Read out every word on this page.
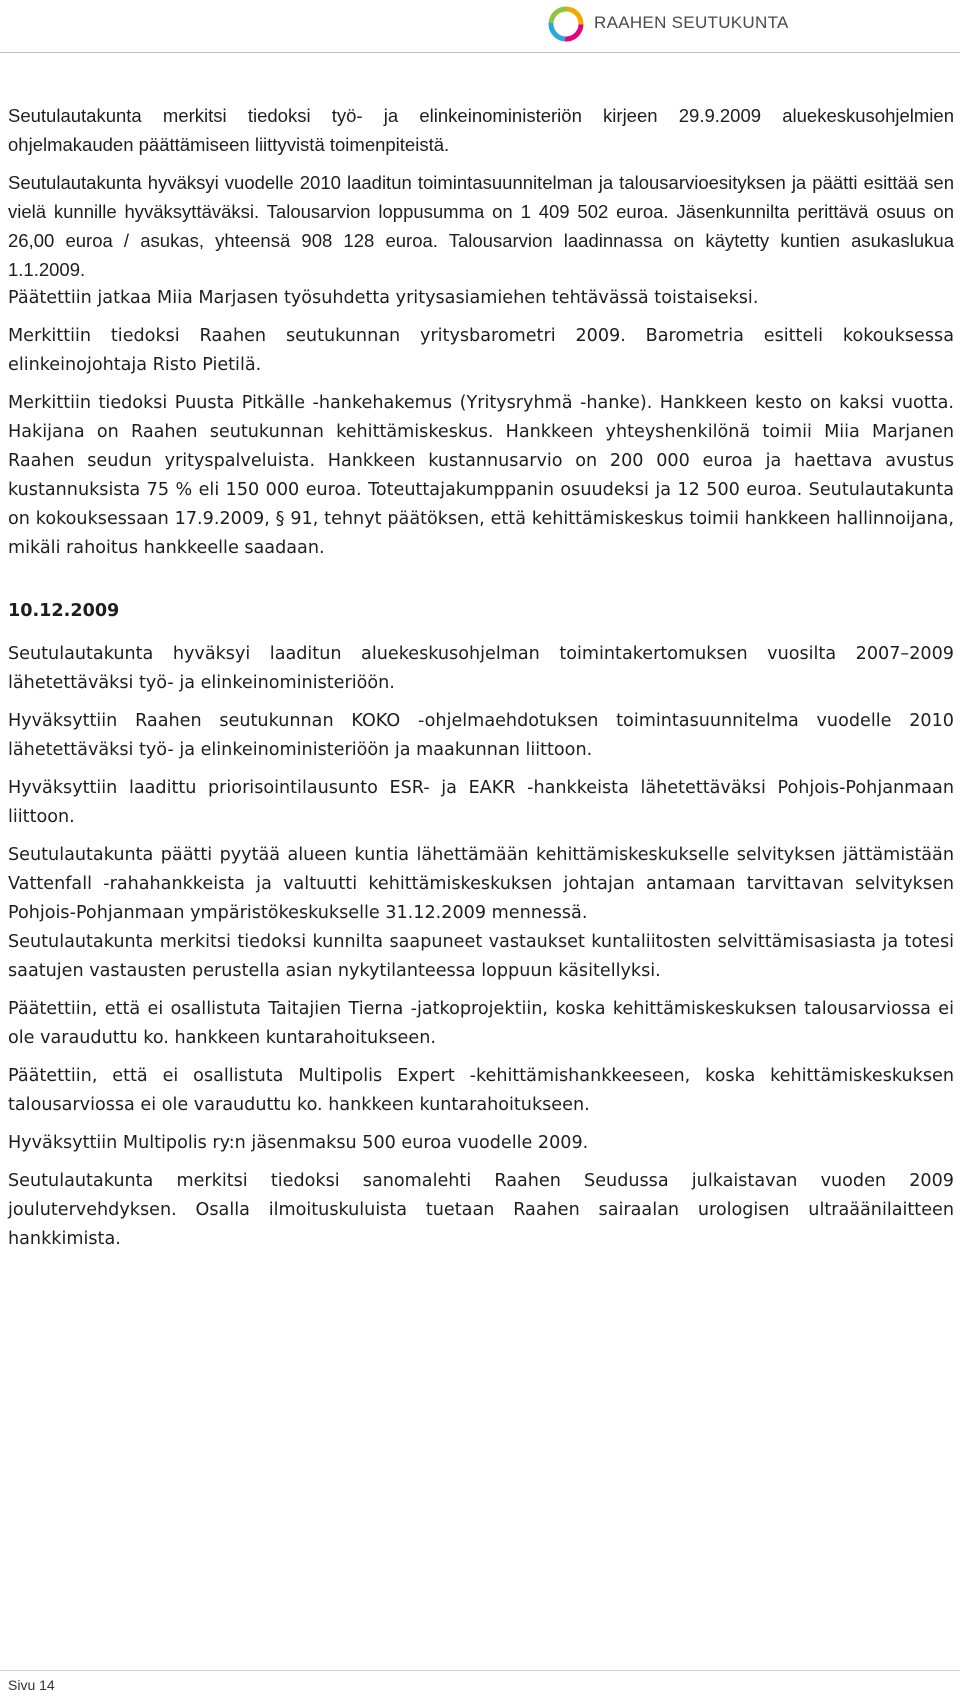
RAAHEN SEUTUKUNTA

Seutulautakunta merkitsi tiedoksi työ- ja elinkeinoministeriön kirjeen 29.9.2009 aluekeskusohjelmien ohjelmakauden päättämiseen liittyvistä toimenpiteistä.

Seutulautakunta hyväksyi vuodelle 2010 laaditun toimintasuunnitelman ja talousarvioesityksen ja päätti esittää sen vielä kunnille hyväksyttäväksi. Talousarvion loppusumma on 1 409 502 euroa. Jäsenkunnilta perittävä osuus on 26,00 euroa / asukas, yhteensä 908 128 euroa. Talousarvion laadinnassa on käytetty kuntien asukaslukua 1.1.2009.

Päätettiin jatkaa Miia Marjasen työsuhdetta yritysasiamiehen tehtävässä toistaiseksi.

Merkittiin tiedoksi Raahen seutukunnan yritysbarometri 2009. Barometria esitteli kokouksessa elinkeinojohtaja Risto Pietilä.

Merkittiin tiedoksi Puusta Pitkälle -hankehakemus (Yritysryhmä -hanke). Hankkeen kesto on kaksi vuotta. Hakijana on Raahen seutukunnan kehittämiskeskus. Hankkeen yhteyshenkilönä toimii Miia Marjanen Raahen seudun yrityspalveluista. Hankkeen kustannusarvio on 200 000 euroa ja haettava avustus kustannuksista 75 % eli 150 000 euroa. Toteuttajakumppanin osuudeksi ja 12 500 euroa. Seutulautakunta on kokouksessaan 17.9.2009, § 91, tehnyt päätöksen, että kehittämiskeskus toimii hankkeen hallinnoijana, mikäli rahoitus hankkeelle saadaan.

10.12.2009

Seutulautakunta hyväksyi laaditun aluekeskusohjelman toimintakertomuksen vuosilta 2007–2009 lähetettäväksi työ- ja elinkeinoministeriöön.

Hyväksyttiin Raahen seutukunnan KOKO -ohjelmaehdotuksen toimintasuunnitelma vuodelle 2010 lähetettäväksi työ- ja elinkeinoministeriöön ja maakunnan liittoon.

Hyväksyttiin laadittu priorisointilausunto ESR- ja EAKR -hankkeista lähetettäväksi Pohjois-Pohjanmaan liittoon.

Seutulautakunta päätti pyytää alueen kuntia lähettämään kehittämiskeskukselle selvityksen jättämistään Vattenfall -rahahankkeista ja valtuutti kehittämiskeskuksen johtajan antamaan tarvittavan selvityksen Pohjois-Pohjanmaan ympäristökeskukselle 31.12.2009 mennessä.

Seutulautakunta merkitsi tiedoksi kunnilta saapuneet vastaukset kuntaliitosten selvittämisasiasta ja totesi saatujen vastausten perustella asian nykytilanteessa loppuun käsitellyksi.

Päätettiin, että ei osallistuta Taitajien Tierna -jatkoprojektiin, koska kehittämiskeskuksen talousarviossa ei ole varauduttu ko. hankkeen kuntarahoitukseen.

Päätettiin, että ei osallistuta Multipolis Expert -kehittämishankkeeseen, koska kehittämiskeskuksen talousarviossa ei ole varauduttu ko. hankkeen kuntarahoitukseen.

Hyväksyttiin Multipolis ry:n jäsenmaksu 500 euroa vuodelle 2009.

Seutulautakunta merkitsi tiedoksi sanomalehti Raahen Seudussa julkaistavan vuoden 2009 joulutervehdyksen. Osalla ilmoituskuluista tuetaan Raahen sairaalan urologisen ultraäänilaitteen hankkimista.

Sivu 14
